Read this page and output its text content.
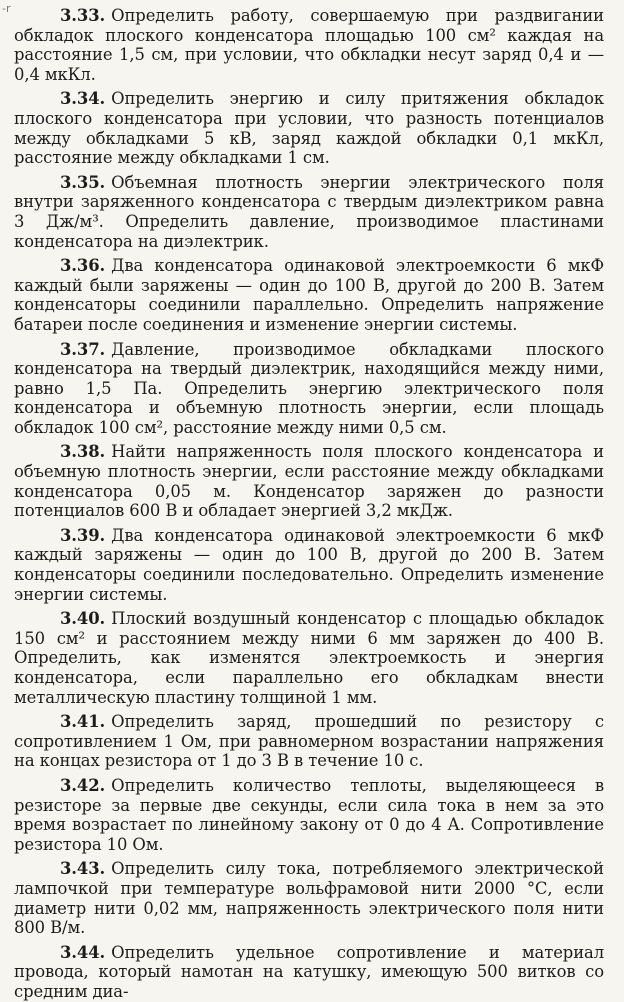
-r	3.33. Определить работу, совершаемую при раздвигании обкладок плоского конденсатора площадью 100 см² каждая на расстояние 1,5 см, при условии, что обкладки несут заряд 0,4 и —0,4 мкКл.

3.34. Определить энергию и силу притяжения обкладок плоского конденсатора при условии, что разность потенциалов между обкладками 5 кВ, заряд каждой обкладки 0,1 мкКл, расстояние между обкладками 1 см.

3.35. Объемная плотность энергии электрического поля внутри заряженного конденсатора с твердым диэлектриком равна 3 Дж/м³. Определить давление, производимое пластинами конденсатора на диэлектрик.

3.36. Два конденсатора одинаковой электроемкости 6 мкФ каждый были заряжены — один до 100 В, другой до 200 В. Затем конденсаторы соединили параллельно. Определить напряжение батареи после соединения и изменение энергии системы.

3.37. Давление, производимое обкладками плоского конденсатора на твердый диэлектрик, находящийся между ними, равно 1,5 Па. Определить энергию электрического поля конденсатора и объемную плотность энергии, если площадь обкладок 100 см², расстояние между ними 0,5 см.

3.38. Найти напряженность поля плоского конденсатора и объемную плотность энергии, если расстояние между обкладками конденсатора 0,05 м. Конденсатор заряжен до разности потенциалов 600 В и обладает энергией 3,2 мкДж.

3.39. Два конденсатора одинаковой электроемкости 6 мкФ каждый заряжены — один до 100 В, другой до 200 В. Затем конденсаторы соединили последовательно. Определить изменение энергии системы.

3.40. Плоский воздушный конденсатор с площадью обкладок 150 см² и расстоянием между ними 6 мм заряжен до 400 В. Определить, как изменятся электроемкость и энергия конденсатора, если параллельно его обкладкам внести металлическую пластину толщиной 1 мм.

3.41. Определить заряд, прошедший по резистору с сопротивлением 1 Ом, при равномерном возрастании напряжения на концах резистора от 1 до 3 В в течение 10 с.

3.42. Определить количество теплоты, выделяющееся в резисторе за первые две секунды, если сила тока в нем за это время возрастает по линейному закону от 0 до 4 А. Сопротивление резистора 10 Ом.

3.43. Определить силу тока, потребляемого электрической лампочкой при температуре вольфрамовой нити 2000 °С, если диаметр нити 0,02 мм, напряженность электрического поля нити 800 В/м.

3.44. Определить удельное сопротивление и материал провода, который намотан на катушку, имеющую 500 витков со средним диа-
